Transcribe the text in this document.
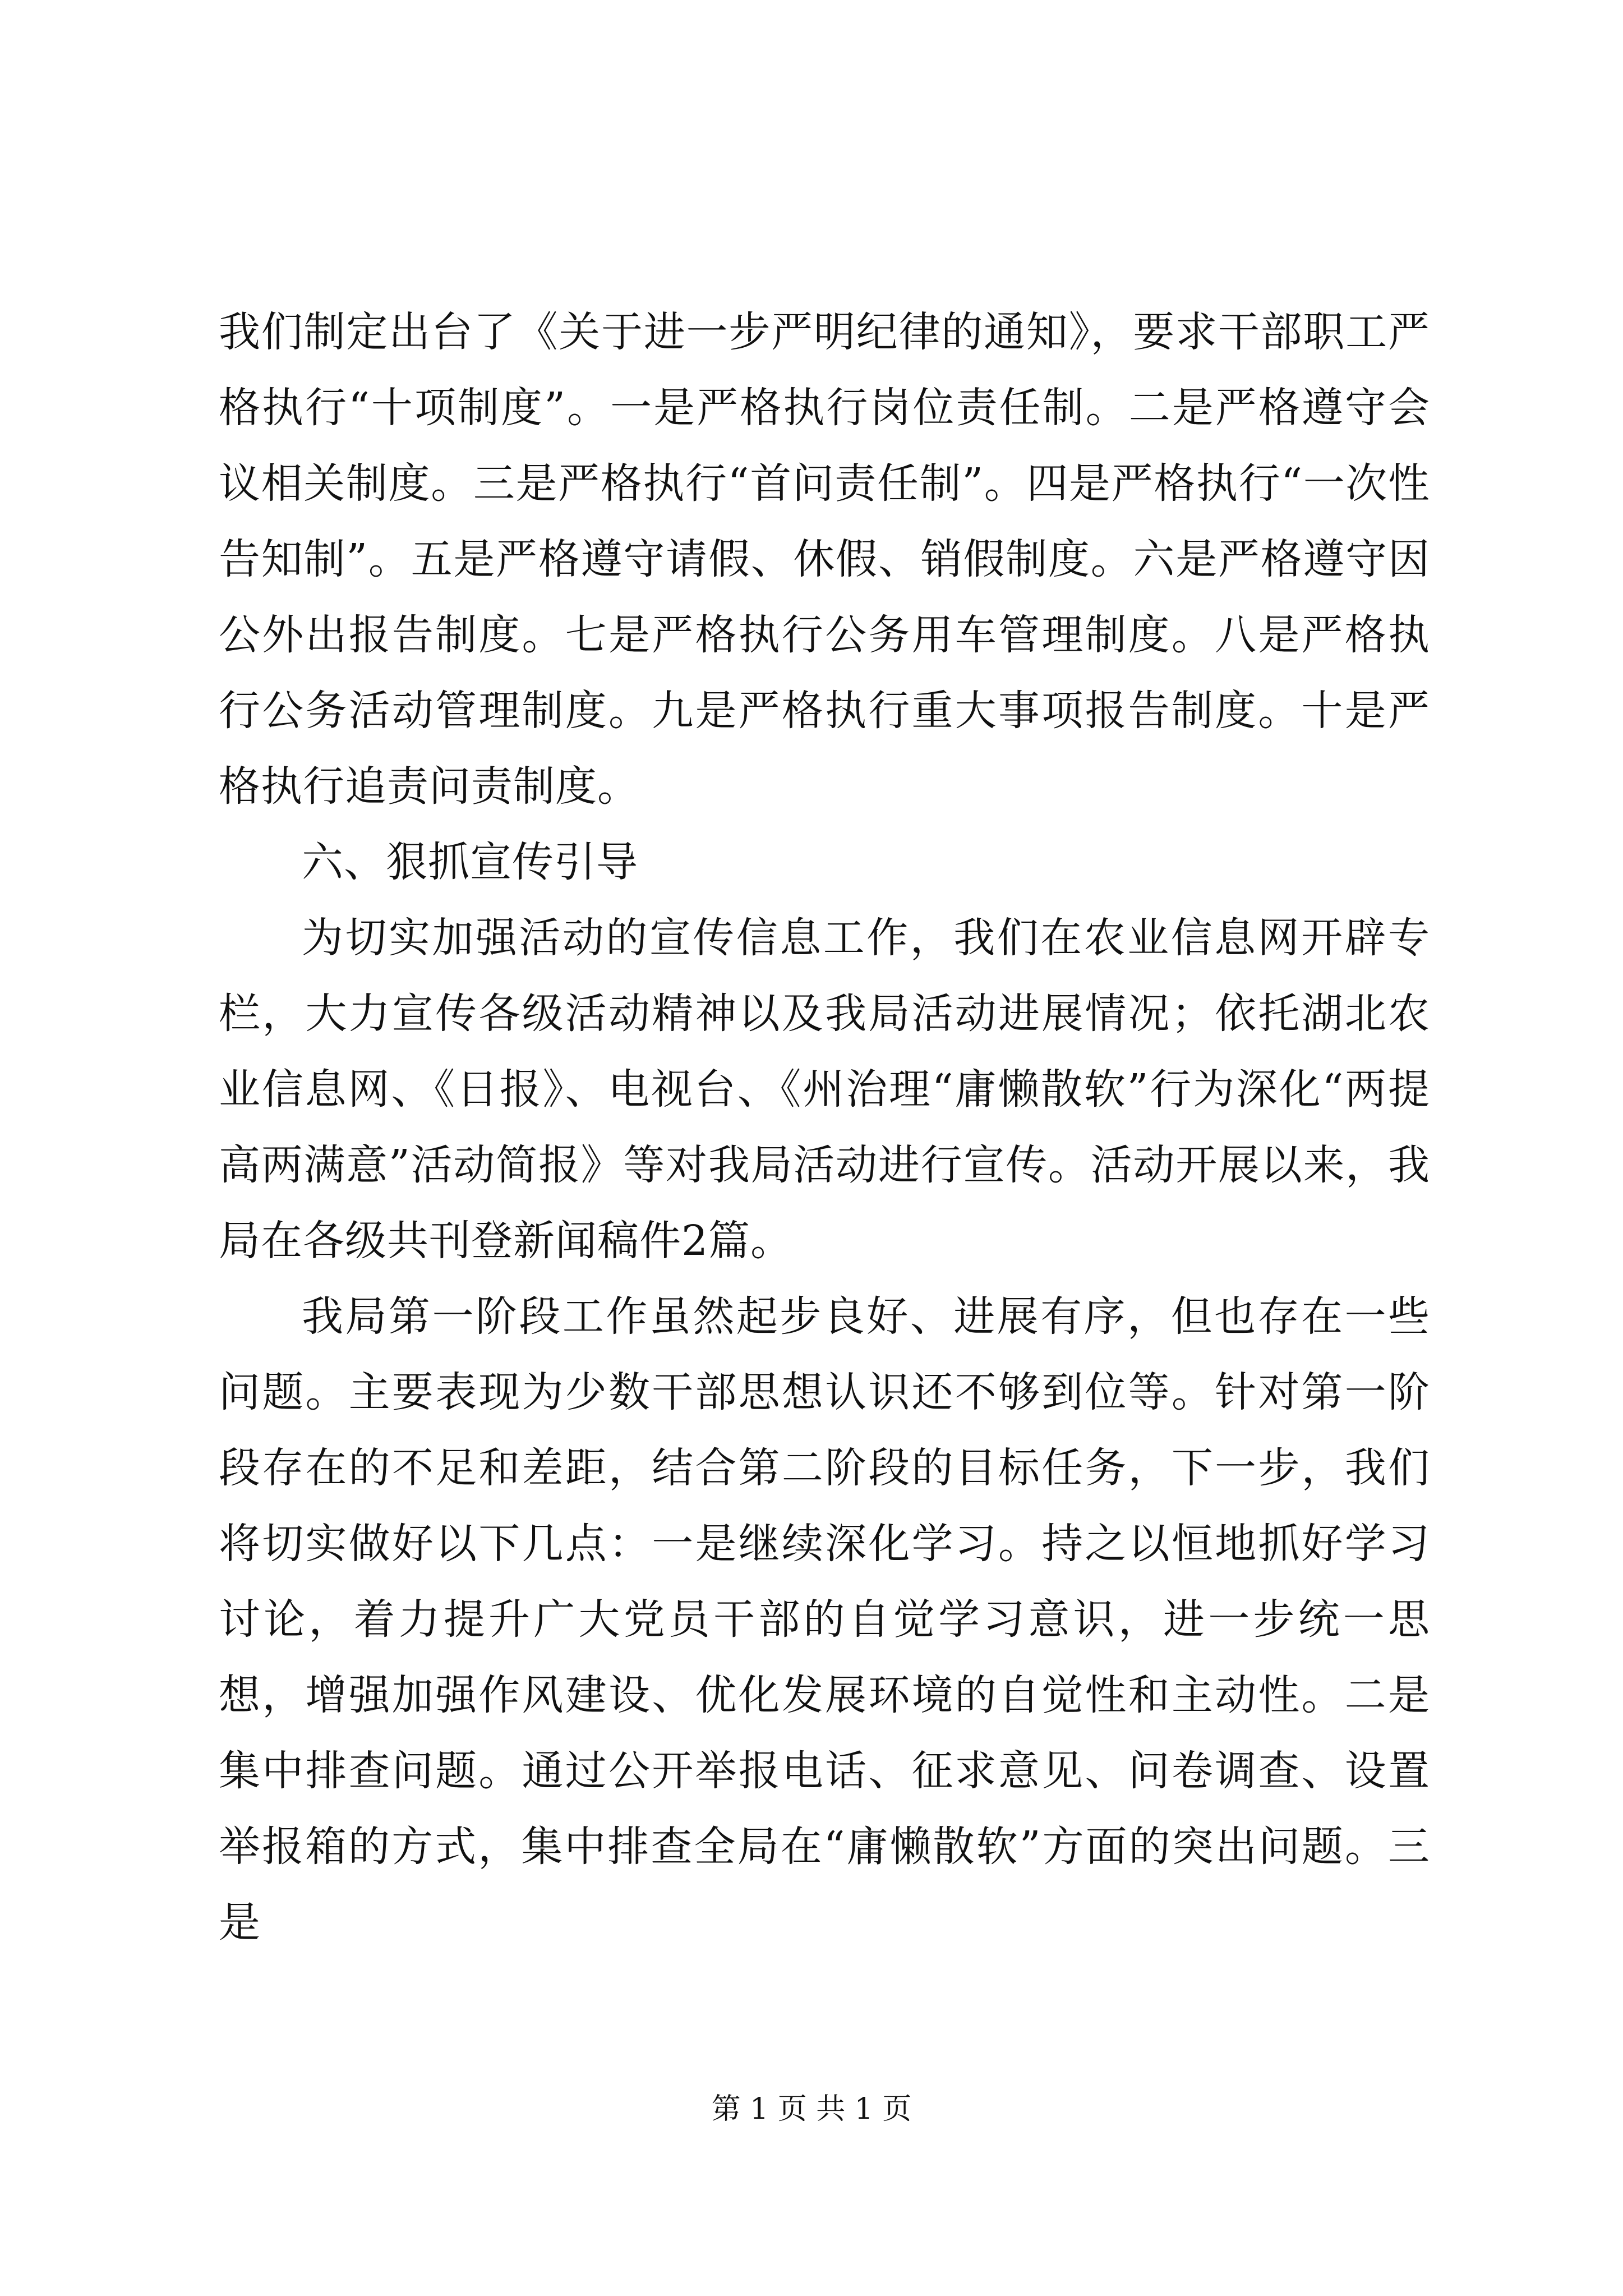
我们制定出台了《关于进一步严明纪律的通知》，要求干部职工严格执行“十项制度”。一是严格执行岗位责任制。二是严格遵守会议相关制度。三是严格执行“首问责任制”。四是严格执行“一次性告知制”。五是严格遵守请假、休假、销假制度。六是严格遵守因公外出报告制度。七是严格执行公务用车管理制度。八是严格执行公务活动管理制度。九是严格执行重大事项报告制度。十是严格执行追责问责制度。

六、狠抓宣传引导

为切实加强活动的宣传信息工作，我们在农业信息网开辟专栏，大力宣传各级活动精神以及我局活动进展情况；依托湖北农业信息网、《日报》、电视台、《州治理“庸懒散软”行为深化“两提高两满意”活动简报》等对我局活动进行宣传。活动开展以来，我局在各级共刊登新闻稿件2篇。

我局第一阶段工作虽然起步良好、进展有序，但也存在一些问题。主要表现为少数干部思想认识还不够到位等。针对第一阶段存在的不足和差距，结合第二阶段的目标任务，下一步，我们将切实做好以下几点：一是继续深化学习。持之以恒地抓好学习讨论，着力提升广大党员干部的自觉学习意识，进一步统一思想，增强加强作风建设、优化发展环境的自觉性和主动性。二是集中排查问题。通过公开举报电话、征求意见、问卷调查、设置举报箱的方式，集中排查全局在“庸懒散软”方面的突出问题。三是

第 1 页 共 1 页
